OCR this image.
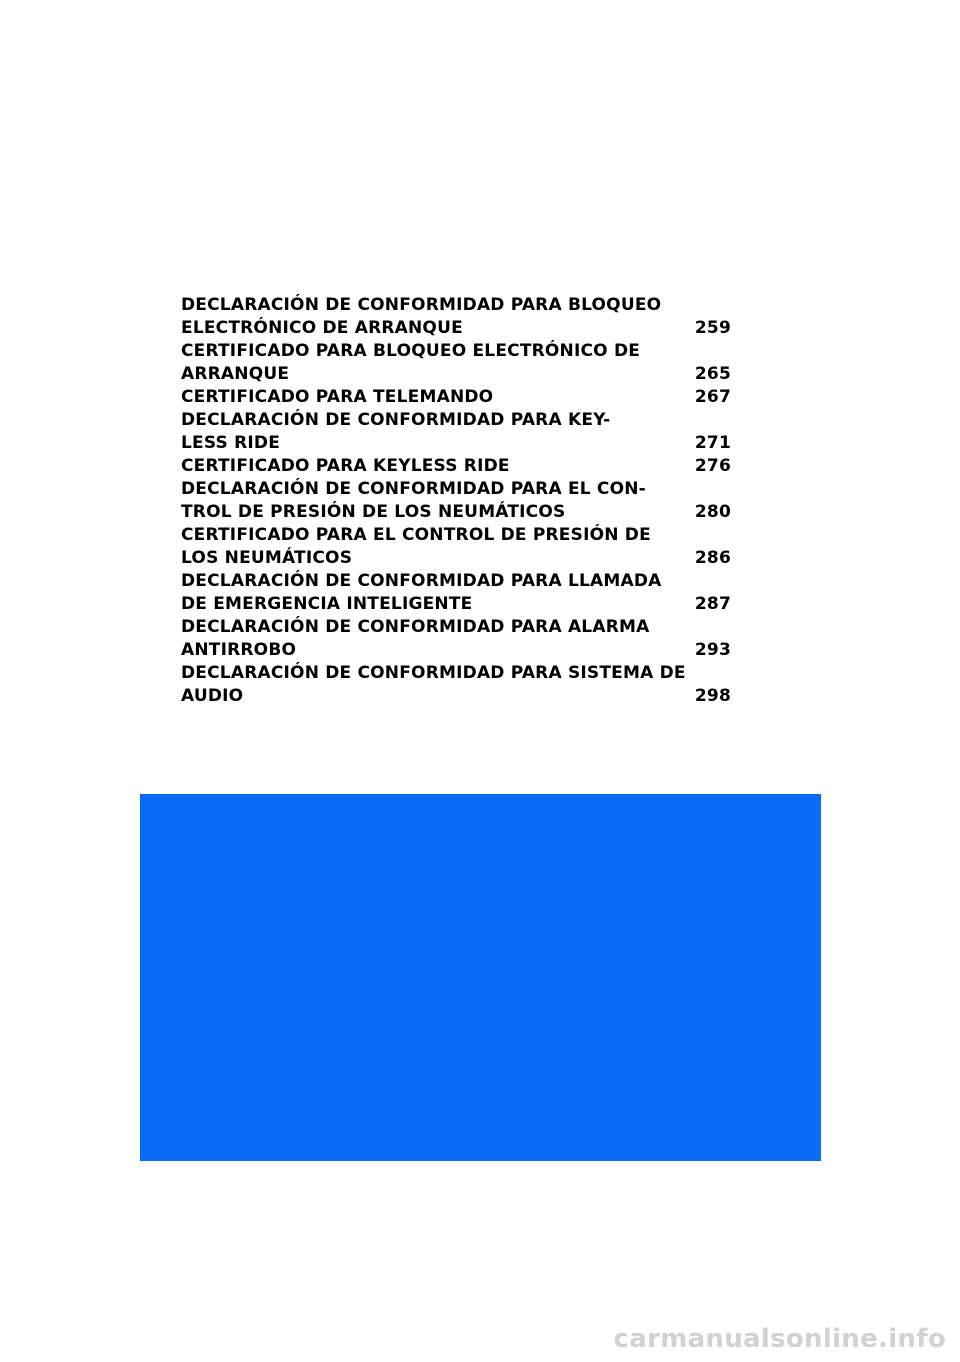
DECLARACIÓN DE CONFORMIDAD PARA BLOQUEO
ELECTRÓNICO DE ARRANQUE	259
CERTIFICADO PARA BLOQUEO ELECTRÓNICO DE
ARRANQUE	265
CERTIFICADO PARA TELEMANDO	267
DECLARACIÓN DE CONFORMIDAD PARA KEY-
LESS RIDE	271
CERTIFICADO PARA KEYLESS RIDE	276
DECLARACIÓN DE CONFORMIDAD PARA EL CON-
TROL DE PRESIÓN DE LOS NEUMÁTICOS	280
CERTIFICADO PARA EL CONTROL DE PRESIÓN DE
LOS NEUMÁTICOS	286
DECLARACIÓN DE CONFORMIDAD PARA LLAMADA
DE EMERGENCIA INTELIGENTE	287
DECLARACIÓN DE CONFORMIDAD PARA ALARMA
ANTIRROBO	293
DECLARACIÓN DE CONFORMIDAD PARA SISTEMA DE
AUDIO	298
carmanualsonline.info
